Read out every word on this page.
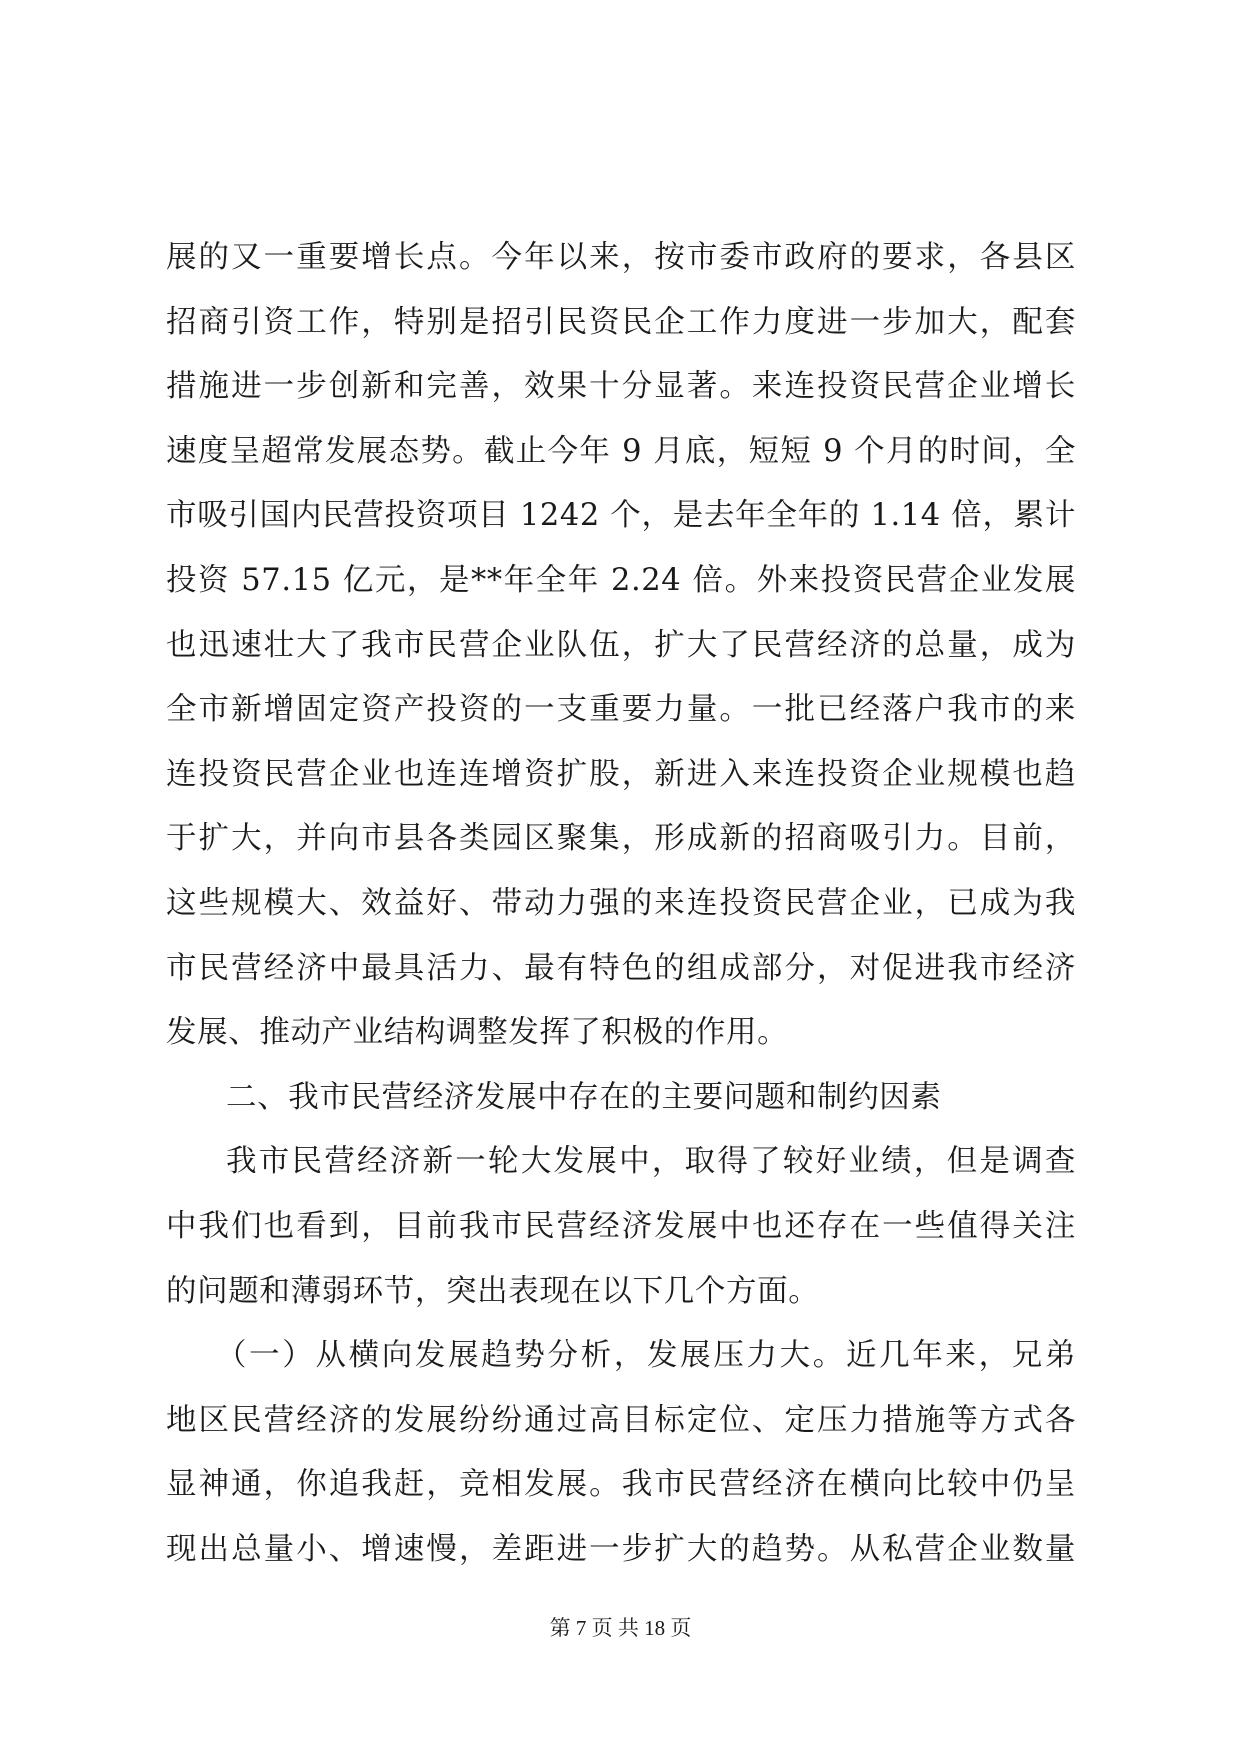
展的又一重要增长点。今年以来，按市委市政府的要求，各县区
招商引资工作，特别是招引民资民企工作力度进一步加大，配套
措施进一步创新和完善，效果十分显著。来连投资民营企业增长
速度呈超常发展态势。截止今年 9 月底，短短 9 个月的时间，全
市吸引国内民营投资项目 1242 个，是去年全年的 1.14 倍，累计
投资 57.15 亿元，是**年全年 2.24 倍。外来投资民营企业发展
也迅速壮大了我市民营企业队伍，扩大了民营经济的总量，成为
全市新增固定资产投资的一支重要力量。一批已经落户我市的来
连投资民营企业也连连增资扩股，新进入来连投资企业规模也趋
于扩大，并向市县各类园区聚集，形成新的招商吸引力。目前，
这些规模大、效益好、带动力强的来连投资民营企业，已成为我
市民营经济中最具活力、最有特色的组成部分，对促进我市经济
发展、推动产业结构调整发挥了积极的作用。
二、我市民营经济发展中存在的主要问题和制约因素
我市民营经济新一轮大发展中，取得了较好业绩，但是调查
中我们也看到，目前我市民营经济发展中也还存在一些值得关注
的问题和薄弱环节，突出表现在以下几个方面。
（一）从横向发展趋势分析，发展压力大。近几年来，兄弟
地区民营经济的发展纷纷通过高目标定位、定压力措施等方式各
显神通，你追我赶，竞相发展。我市民营经济在横向比较中仍呈
现出总量小、增速慢，差距进一步扩大的趋势。从私营企业数量
第 7 页 共 18 页
